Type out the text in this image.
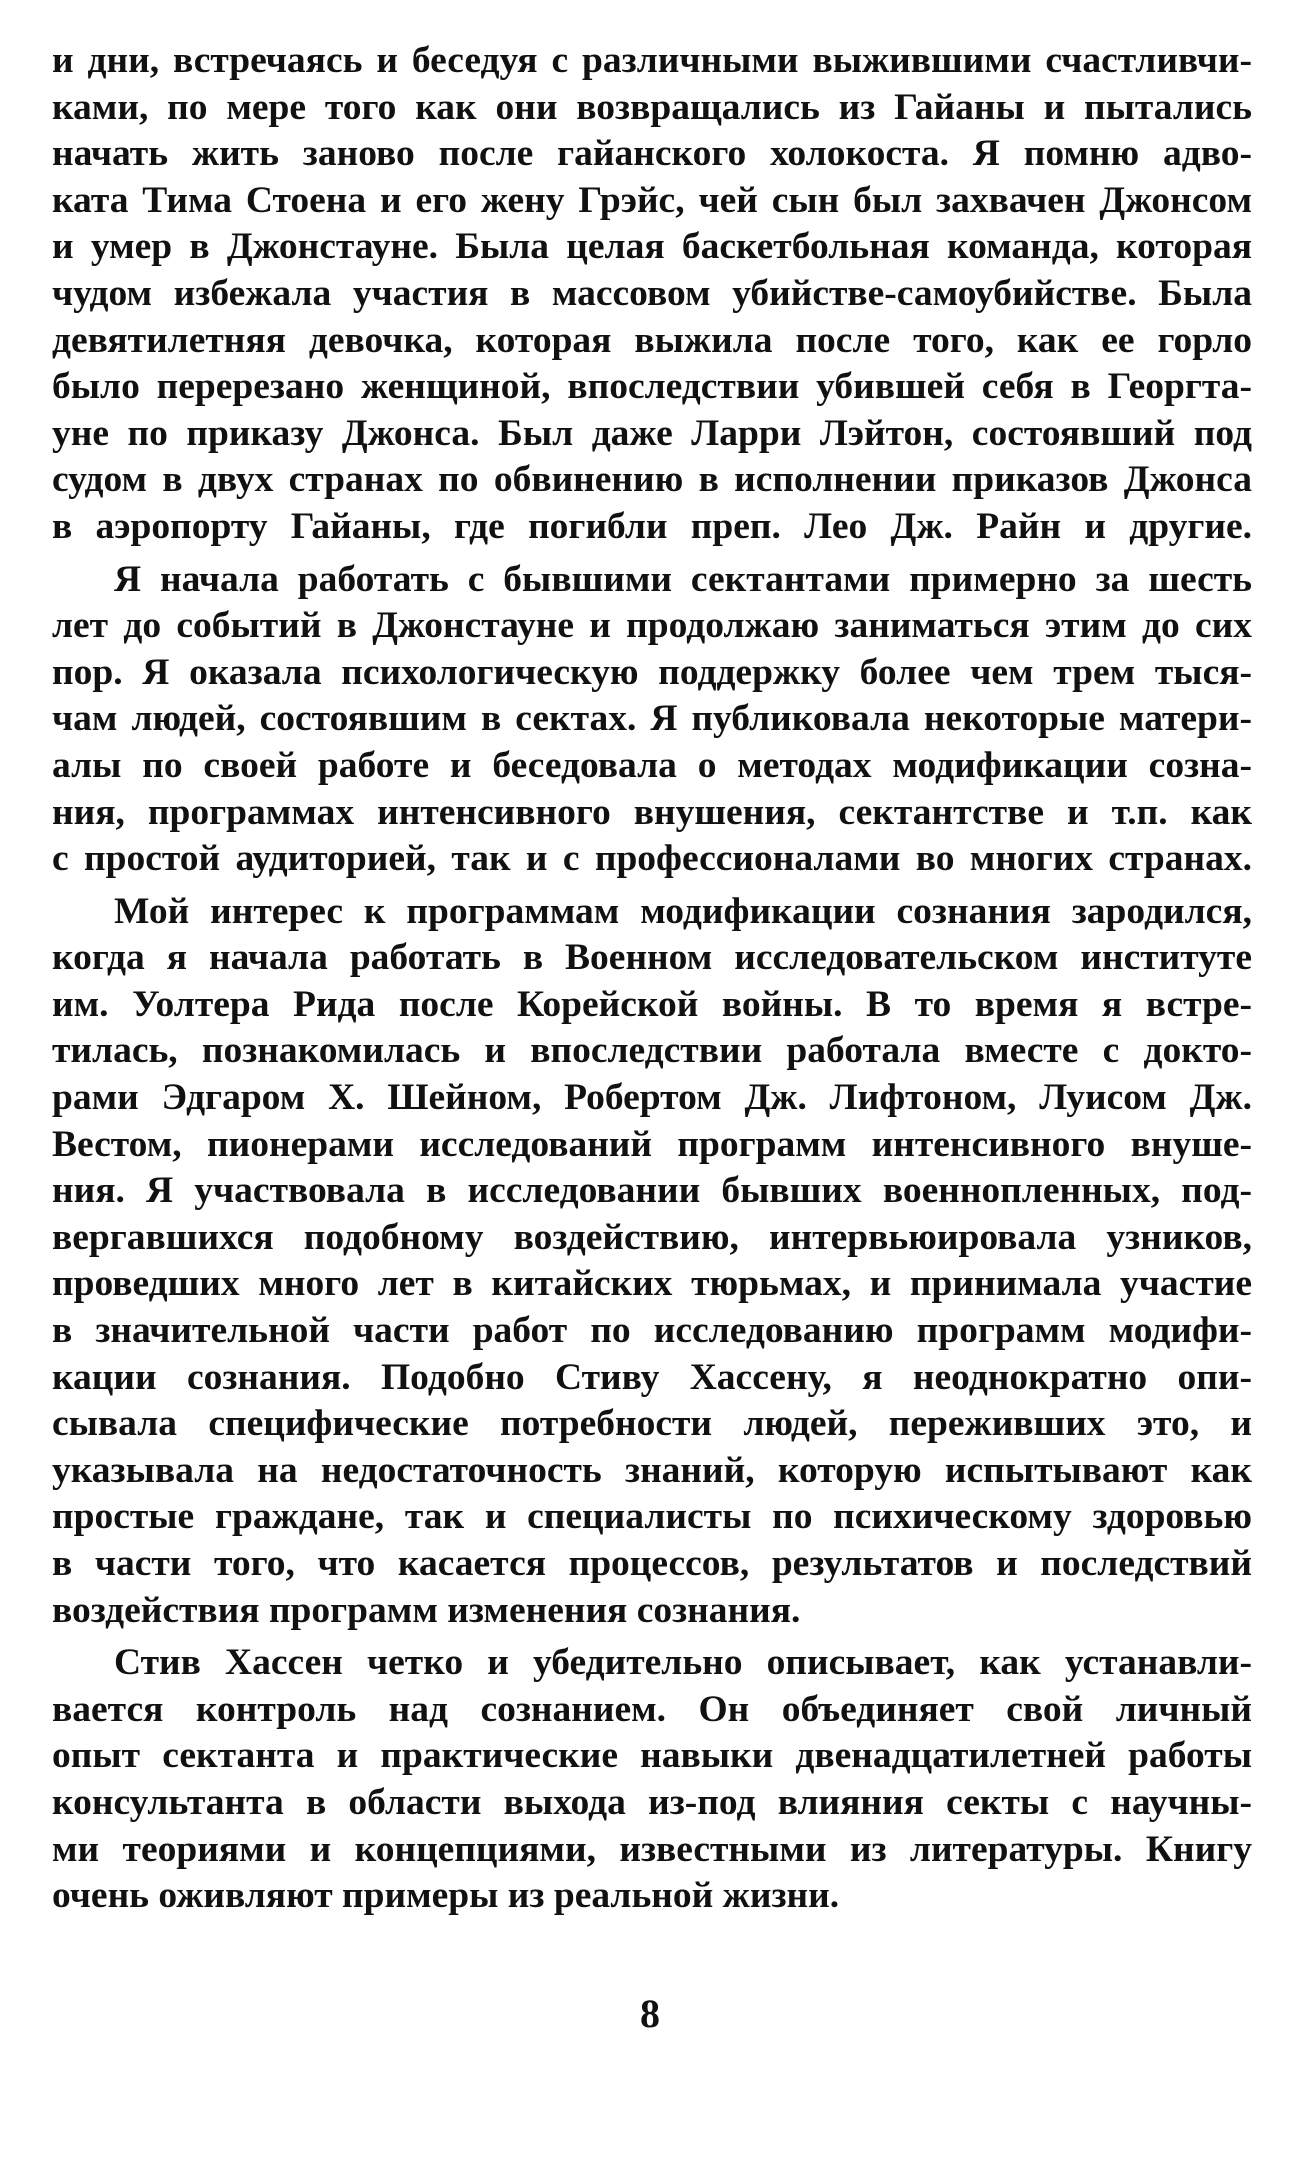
и дни, встречаясь и беседуя с различными выжившими счастливчи-
ками, по мере того как они возвращались из Гайаны и пытались
начать жить заново после гайанского холокоста. Я помню адво-
ката Тима Стоена и его жену Грэйс, чей сын был захвачен Джонсом
и умер в Джонстауне. Была целая баскетбольная команда, которая
чудом избежала участия в массовом убийстве-самоубийстве. Была
девятилетняя девочка, которая выжила после того, как ее горло
было перерезано женщиной, впоследствии убившей себя в Георгта-
уне по приказу Джонса. Был даже Ларри Лэйтон, состоявший под
судом в двух странах по обвинению в исполнении приказов Джонса
в аэропорту Гайаны, где погибли преп. Лео Дж. Райн и другие.
Я начала работать с бывшими сектантами примерно за шесть
лет до событий в Джонстауне и продолжаю заниматься этим до сих
пор. Я оказала психологическую поддержку более чем трем тыся-
чам людей, состоявшим в сектах. Я публиковала некоторые матери-
алы по своей работе и беседовала о методах модификации созна-
ния, программах интенсивного внушения, сектантстве и т.п. как
с простой аудиторией, так и с профессионалами во многих странах.
Мой интерес к программам модификации сознания зародился,
когда я начала работать в Военном исследовательском институте
им. Уолтера Рида после Корейской войны. В то время я встре-
тилась, познакомилась и впоследствии работала вместе с докто-
рами Эдгаром Х. Шейном, Робертом Дж. Лифтоном, Луисом Дж.
Вестом, пионерами исследований программ интенсивного внуше-
ния. Я участвовала в исследовании бывших военнопленных, под-
вергавшихся подобному воздействию, интервьюировала узников,
проведших много лет в китайских тюрьмах, и принимала участие
в значительной части работ по исследованию программ модифи-
кации сознания. Подобно Стиву Хассену, я неоднократно опи-
сывала специфические потребности людей, переживших это, и
указывала на недостаточность знаний, которую испытывают как
простые граждане, так и специалисты по психическому здоровью
в части того, что касается процессов, результатов и последствий
воздействия программ изменения сознания.
Стив Хассен четко и убедительно описывает, как устанавли-
вается контроль над сознанием. Он объединяет свой личный
опыт сектанта и практические навыки двенадцатилетней работы
консультанта в области выхода из-под влияния секты с научны-
ми теориями и концепциями, известными из литературы. Книгу
очень оживляют примеры из реальной жизни.
8
